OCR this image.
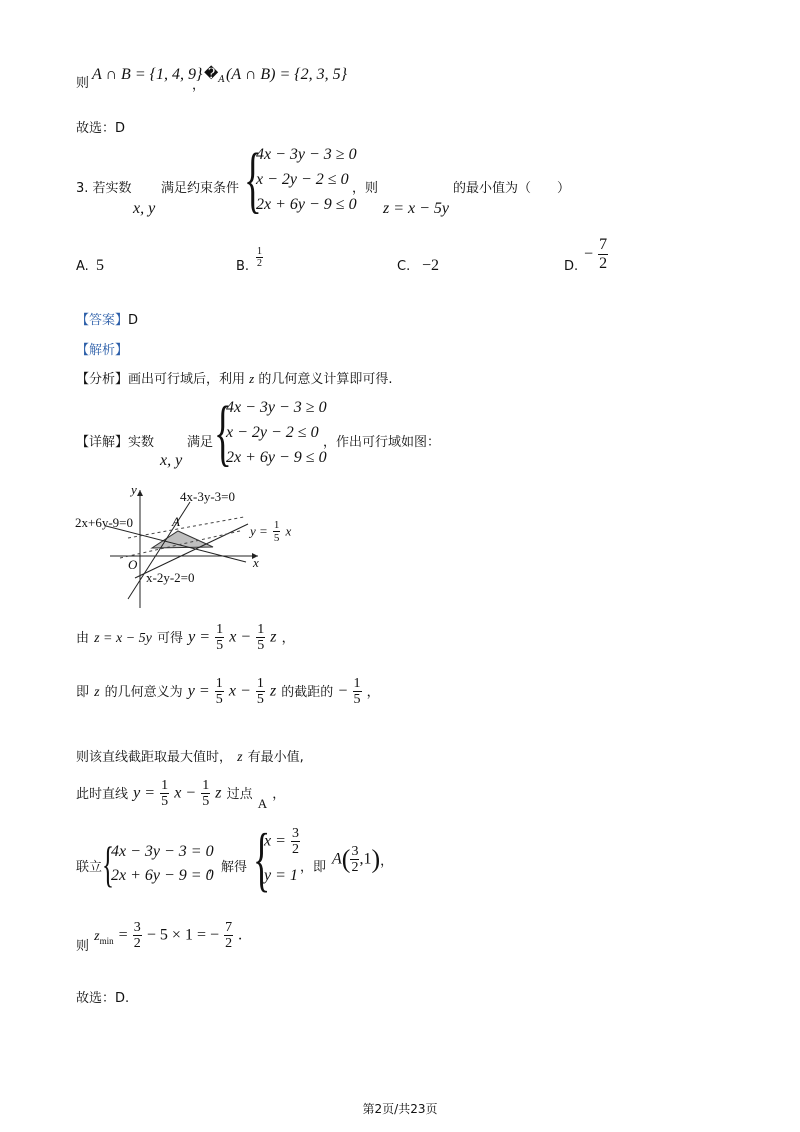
则
A ∩ B = {1, 4, 9}
，
$�_A$ (A ∩ B) = {2, 3, 5}
故选：D
3. 若实数
x, y
满足约束条件 {
4x − 3y − 3 ≥ 0
x − 2y − 2 ≤ 0
2x + 6y − 9 ≤ 0
，则
z = x − 5y
的最小值为（　　）
A. 5	B. $\frac{1}{2}$	C. −2	D.
− $\frac{7}{2}$
【答案】D
【解析】
【分析】画出可行域后，利用 z 的几何意义计算即可得.
【详解】实数
x, y
满足 {
4x − 3y − 3 ≥ 0
x − 2y − 2 ≤ 0
2x + 6y − 9 ≤ 0
，作出可行域如图：
y	4x-3y-3=0
2x+6y-9=0	A
$y = \frac{1}{5}$ x
O	x
x-2y-2=0
由 z = x − 5y 可得 $y = \frac{1}{5}$ $x - \frac{1}{5}$ z ，
即 z 的几何意义为 $y = \frac{1}{5}$ $x - \frac{1}{5}$ z 的截距的 − $\frac{1}{5}$ ，
则该直线截距取最大值时， z 有最小值,
此时直线 $y = \frac{1}{5}$ $x - \frac{1}{5}$ z 过点 $_A$ ，
联立 {
4x − 3y − 3 = 0
2x + 6y − 9 = 0
，解得 {
$x = \frac{3}{2}$
y = 1 ，即 $A( \frac{3}{2} ,1)$，
$_则$ $z_{min} = \frac{3}{2} - 5 \times 1$ = − $\frac{7}{2}$ .
故选：D.
第2页/共23页
